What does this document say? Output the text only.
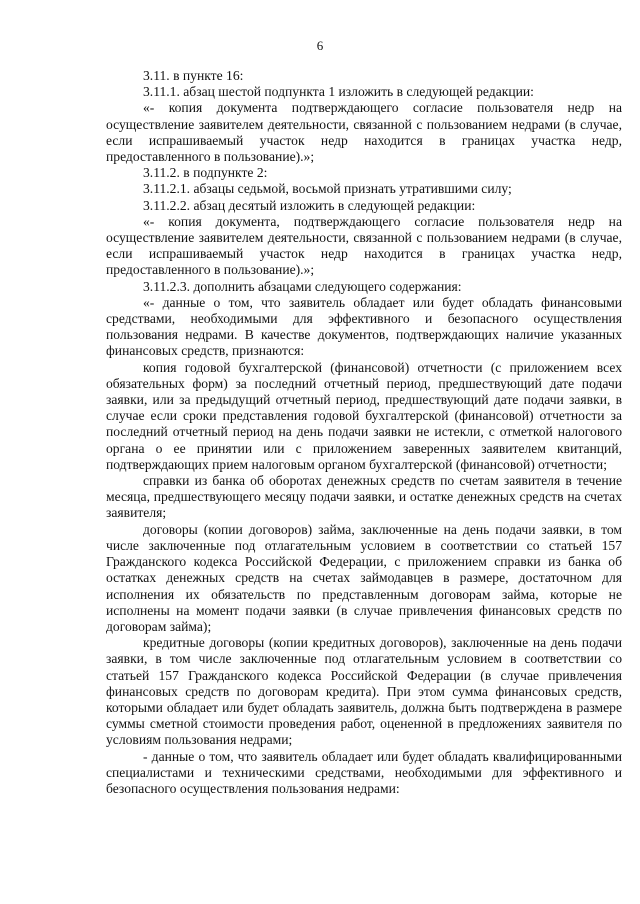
6

3.11. в пункте 16:

3.11.1. абзац шестой подпункта 1 изложить в следующей редакции:

«- копия документа подтверждающего согласие пользователя недр на осуществление заявителем деятельности, связанной с пользованием недрами (в случае, если испрашиваемый участок недр находится в границах участка недр, предоставленного в пользование).»;

3.11.2. в подпункте 2:

3.11.2.1. абзацы седьмой, восьмой признать утратившими силу;

3.11.2.2. абзац десятый изложить в следующей редакции:

«- копия документа, подтверждающего согласие пользователя недр на осуществление заявителем деятельности, связанной с пользованием недрами (в случае, если испрашиваемый участок недр находится в границах участка недр, предоставленного в пользование).»;

3.11.2.3. дополнить абзацами следующего содержания:

«- данные о том, что заявитель обладает или будет обладать финансовыми средствами, необходимыми для эффективного и безопасного осуществления пользования недрами. В качестве документов, подтверждающих наличие указанных финансовых средств, признаются:

копия годовой бухгалтерской (финансовой) отчетности (с приложением всех обязательных форм) за последний отчетный период, предшествующий дате подачи заявки, или за предыдущий отчетный период, предшествующий дате подачи заявки, в случае если сроки представления годовой бухгалтерской (финансовой) отчетности за последний отчетный период на день подачи заявки не истекли, с отметкой налогового органа о ее принятии или с приложением заверенных заявителем квитанций, подтверждающих прием налоговым органом бухгалтерской (финансовой) отчетности;

справки из банка об оборотах денежных средств по счетам заявителя в течение месяца, предшествующего месяцу подачи заявки, и остатке денежных средств на счетах заявителя;

договоры (копии договоров) займа, заключенные на день подачи заявки, в том числе заключенные под отлагательным условием в соответствии со статьей 157 Гражданского кодекса Российской Федерации, с приложением справки из банка об остатках денежных средств на счетах займодавцев в размере, достаточном для исполнения их обязательств по представленным договорам займа, которые не исполнены на момент подачи заявки (в случае привлечения финансовых средств по договорам займа);

кредитные договоры (копии кредитных договоров), заключенные на день подачи заявки, в том числе заключенные под отлагательным условием в соответствии со статьей 157 Гражданского кодекса Российской Федерации (в случае привлечения финансовых средств по договорам кредита). При этом сумма финансовых средств, которыми обладает или будет обладать заявитель, должна быть подтверждена в размере суммы сметной стоимости проведения работ, оцененной в предложениях заявителя по условиям пользования недрами;

- данные о том, что заявитель обладает или будет обладать квалифицированными специалистами и техническими средствами, необходимыми для эффективного и безопасного осуществления пользования недрами:
